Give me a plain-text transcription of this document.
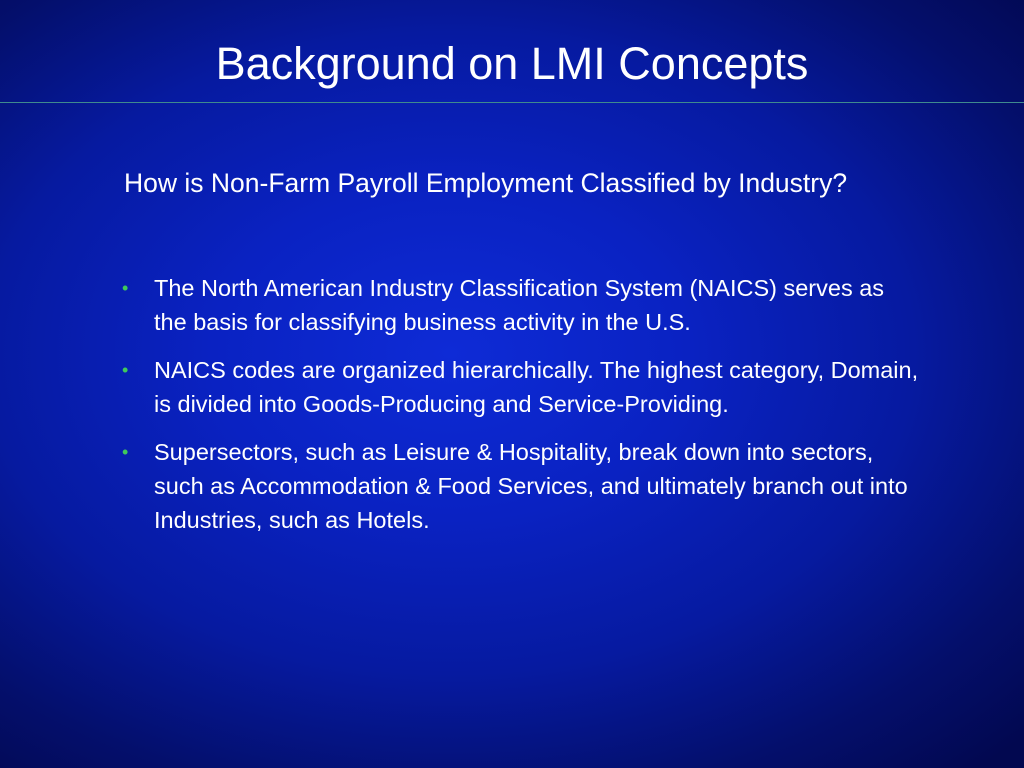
Background on LMI Concepts
How is Non-Farm Payroll Employment Classified by Industry?
•	The North American Industry Classification System (NAICS) serves as the basis for classifying business activity in the U.S.
•	NAICS codes are organized hierarchically. The highest category, Domain, is divided into Goods-Producing and Service-Providing.
•	Supersectors, such as Leisure & Hospitality, break down into sectors, such as Accommodation & Food Services, and ultimately branch out into Industries, such as Hotels.
